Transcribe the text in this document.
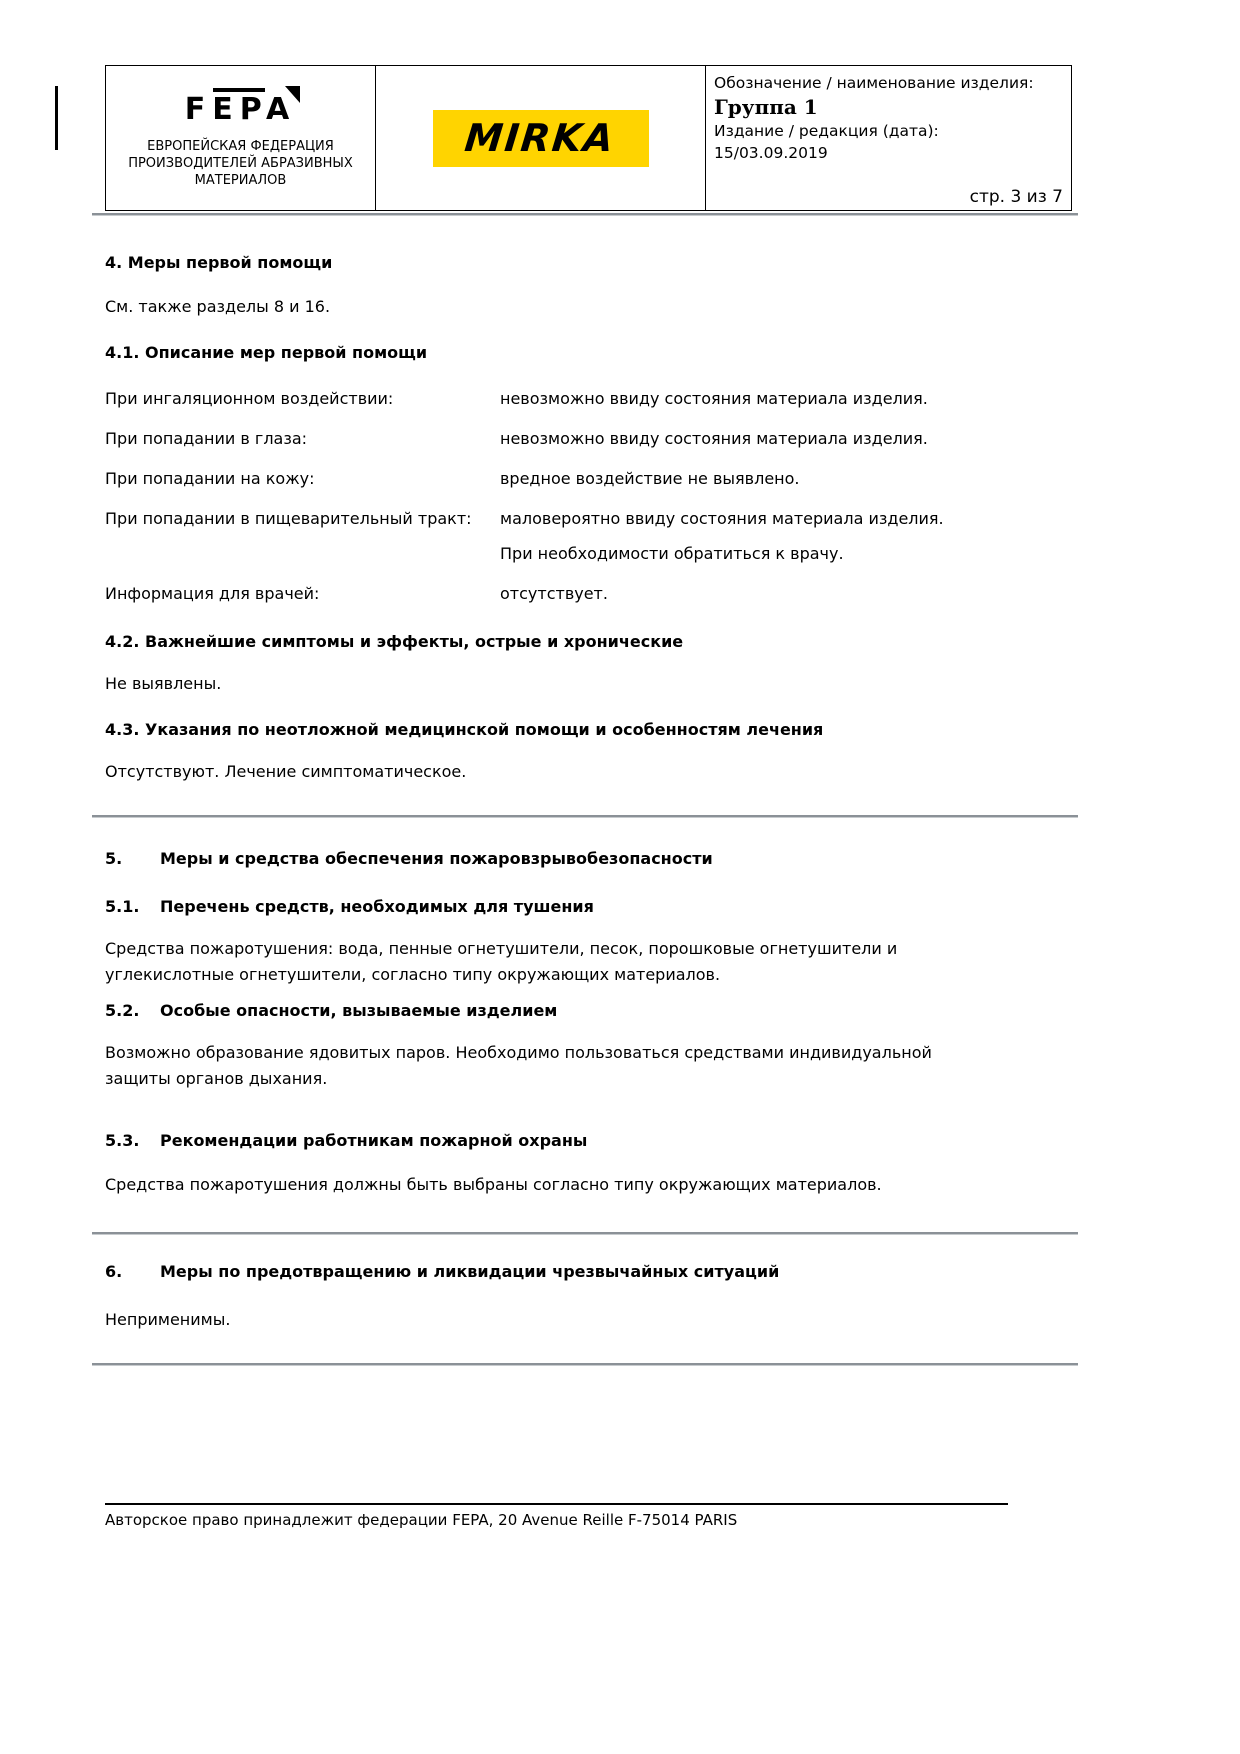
FEPA
ЕВРОПЕЙСКАЯ ФЕДЕРАЦИЯ
ПРОИЗВОДИТЕЛЕЙ АБРАЗИВНЫХ
МАТЕРИАЛОВ
MIRKA
Обозначение / наименование изделия:
Группа 1
Издание / редакция (дата):
15/03.09.2019
стр. 3 из 7
4. Меры первой помощи
См. также разделы 8 и 16.
4.1. Описание мер первой помощи
При ингаляционном воздействии:	невозможно ввиду состояния материала изделия.
При попадании в глаза:	невозможно ввиду состояния материала изделия.
При попадании на кожу:	вредное воздействие не выявлено.
При попадании в пищеварительный тракт:	маловероятно ввиду состояния материала изделия.
При необходимости обратиться к врачу.
Информация для врачей:	отсутствует.
4.2. Важнейшие симптомы и эффекты, острые и хронические
Не выявлены.
4.3. Указания по неотложной медицинской помощи и особенностям лечения
Отсутствуют. Лечение симптоматическое.
5.	Меры и средства обеспечения пожаровзрывобезопасности
5.1.	Перечень средств, необходимых для тушения
Средства пожаротушения: вода, пенные огнетушители, песок, порошковые огнетушители и углекислотные огнетушители, согласно типу окружающих материалов.
5.2.	Особые опасности, вызываемые изделием
Возможно образование ядовитых паров. Необходимо пользоваться средствами индивидуальной защиты органов дыхания.
5.3.	Рекомендации работникам пожарной охраны
Средства пожаротушения должны быть выбраны согласно типу окружающих материалов.
6.	Меры по предотвращению и ликвидации чрезвычайных ситуаций
Неприменимы.
Авторское право принадлежит федерации FEPA, 20 Avenue Reille F-75014 PARIS
